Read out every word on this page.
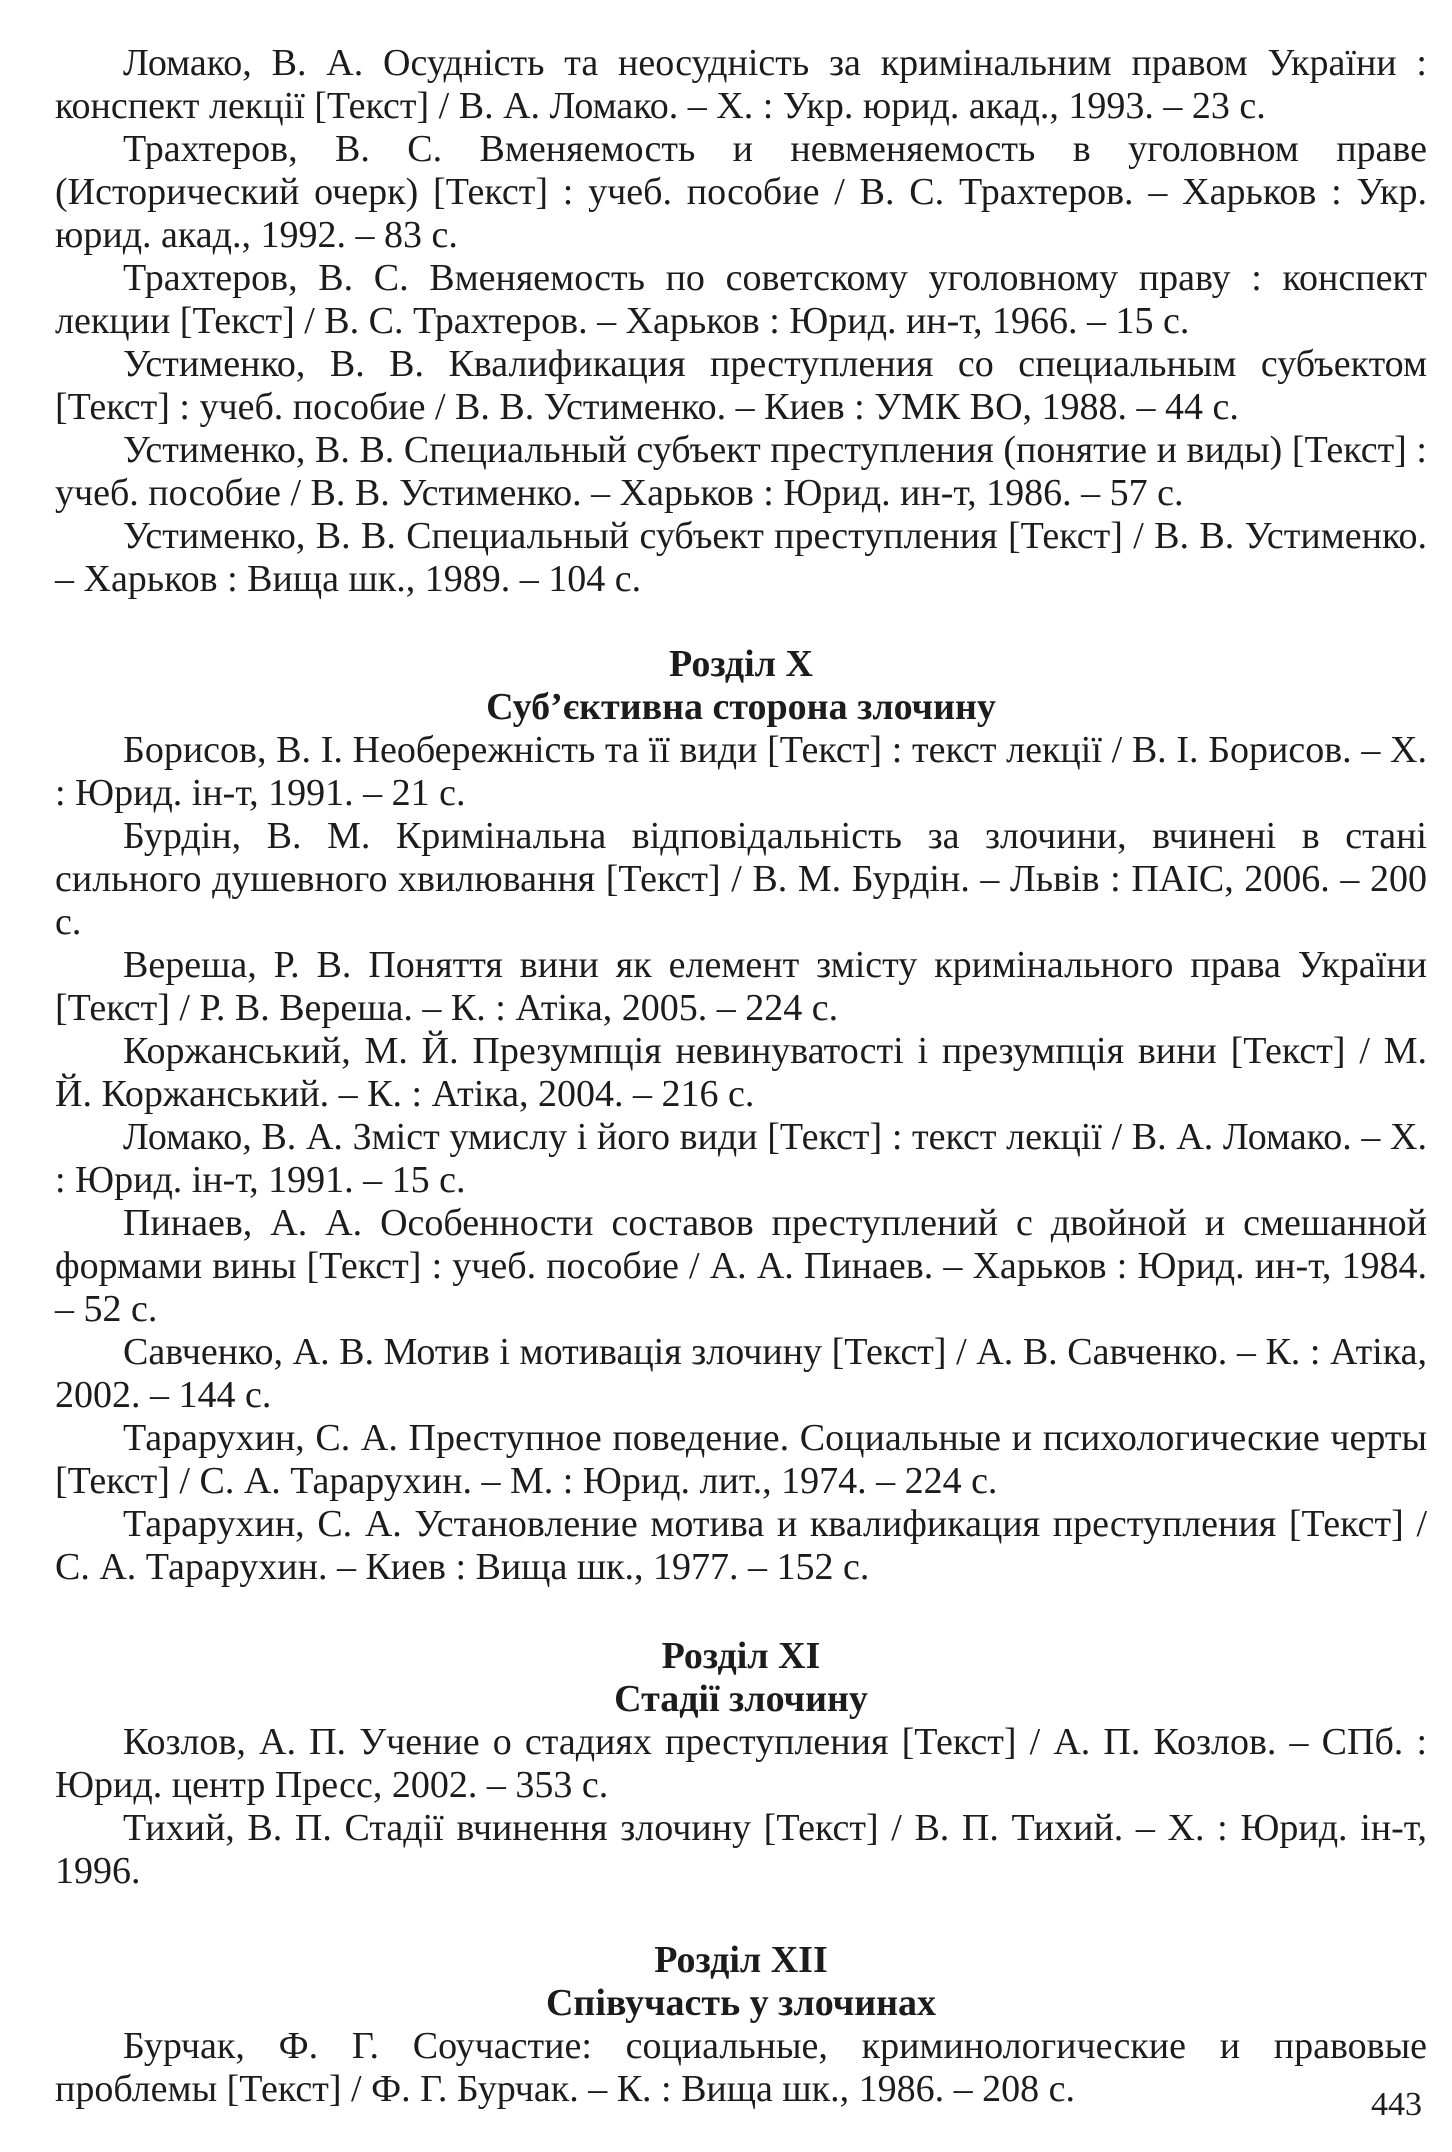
Ломако, В. А. Осудність та неосудність за кримінальним правом України : конспект лекції [Текст] / В. А. Ломако. – Х. : Укр. юрид. акад., 1993. – 23 с.

Трахтеров, В. С. Вменяемость и невменяемость в уголовном праве (Исторический очерк) [Текст] : учеб. пособие / В. С. Трахтеров. – Харьков : Укр. юрид. акад., 1992. – 83 с.

Трахтеров, В. С. Вменяемость по советскому уголовному праву : конспект лекции [Текст] / В. С. Трахтеров. – Харьков : Юрид. ин-т, 1966. – 15 с.

Устименко, В. В. Квалификация преступления со специальным субъектом [Текст] : учеб. пособие / В. В. Устименко. – Киев : УМК ВО, 1988. – 44 с.

Устименко, В. В. Специальный субъект преступления (понятие и виды) [Текст] : учеб. пособие / В. В. Устименко. – Харьков : Юрид. ин-т, 1986. – 57 с.

Устименко, В. В. Специальный субъект преступления [Текст] / В. В. Устименко. – Харьков : Вища шк., 1989. – 104 с.

Розділ X

Суб’єктивна сторона злочину

Борисов, В. І. Необережність та її види [Текст] : текст лекції / В. І. Борисов. – Х. : Юрид. ін-т, 1991. – 21 с.

Бурдін, В. М. Кримінальна відповідальність за злочини, вчинені в стані сильного душевного хвилювання [Текст] / В. М. Бурдін. – Львів : ПАІС, 2006. – 200 с.

Вереша, Р. В. Поняття вини як елемент змісту кримінального права України [Текст] / Р. В. Вереша. – К. : Атіка, 2005. – 224 с.

Коржанський, М. Й. Презумпція невинуватості і презумпція вини [Текст] / М. Й. Коржанський. – К. : Атіка, 2004. – 216 с.

Ломако, В. А. Зміст умислу і його види [Текст] : текст лекції / В. А. Ломако. – Х. : Юрид. ін-т, 1991. – 15 с.

Пинаев, А. А. Особенности составов преступлений с двойной и смешанной формами вины [Текст] : учеб. пособие / А. А. Пинаев. – Харьков : Юрид. ин-т, 1984. – 52 с.

Савченко, А. В. Мотив і мотивація злочину [Текст] / А. В. Савченко. – К. : Атіка, 2002. – 144 с.

Тарарухин, С. А. Преступное поведение. Социальные и психологические черты [Текст] / С. А. Тарарухин. – М. : Юрид. лит., 1974. – 224 с.

Тарарухин, С. А. Установление мотива и квалификация преступления [Текст] / С. А. Тарарухин. – Киев : Вища шк., 1977. – 152 с.

Розділ XI

Стадії злочину

Козлов, А. П. Учение о стадиях преступления [Текст] / А. П. Козлов. – СПб. : Юрид. центр Пресс, 2002. – 353 с.

Тихий, В. П. Стадії вчинення злочину [Текст] / В. П. Тихий. – Х. : Юрид. ін-т, 1996.

Розділ XII

Співучасть у злочинах

Бурчак, Ф. Г. Соучастие: социальные, криминологические и правовые проблемы [Текст] / Ф. Г. Бурчак. – К. : Вища шк., 1986. – 208 с.	443
